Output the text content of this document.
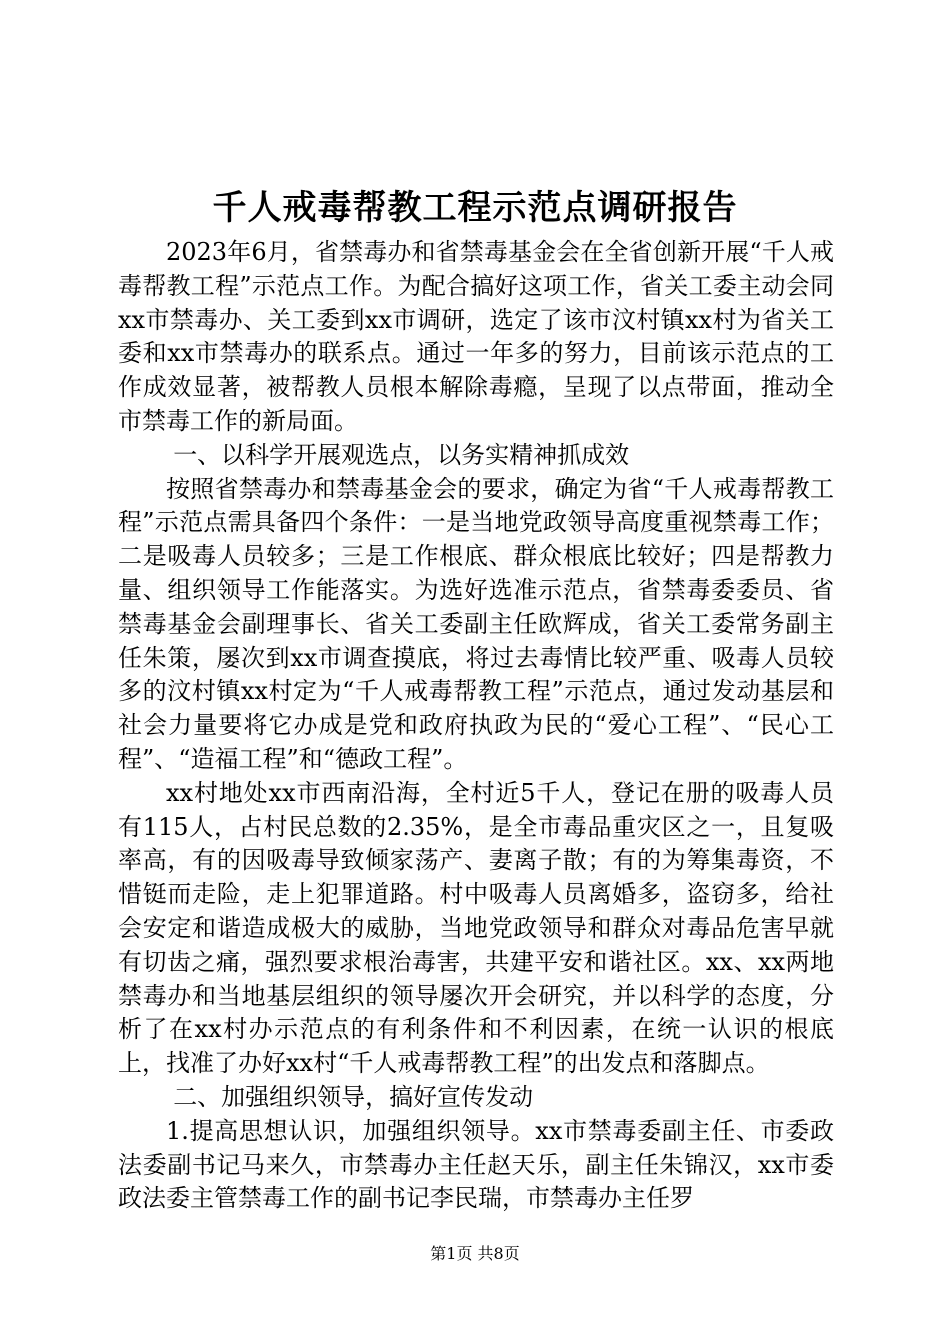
千人戒毒帮教工程示范点调研报告

2023年6月，省禁毒办和省禁毒基金会在全省创新开展“千人戒毒帮教工程”示范点工作。为配合搞好这项工作，省关工委主动会同xx市禁毒办、关工委到xx市调研，选定了该市汶村镇xx村为省关工委和xx市禁毒办的联系点。通过一年多的努力，目前该示范点的工作成效显著，被帮教人员根本解除毒瘾，呈现了以点带面，推动全市禁毒工作的新局面。

一、以科学开展观选点，以务实精神抓成效

按照省禁毒办和禁毒基金会的要求，确定为省“千人戒毒帮教工程”示范点需具备四个条件：一是当地党政领导高度重视禁毒工作；二是吸毒人员较多；三是工作根底、群众根底比较好；四是帮教力量、组织领导工作能落实。为选好选准示范点，省禁毒委委员、省禁毒基金会副理事长、省关工委副主任欧辉成，省关工委常务副主任朱策，屡次到xx市调查摸底，将过去毒情比较严重、吸毒人员较多的汶村镇xx村定为“千人戒毒帮教工程”示范点，通过发动基层和社会力量要将它办成是党和政府执政为民的“爱心工程”、“民心工程”、“造福工程”和“德政工程”。

xx村地处xx市西南沿海，全村近5千人，登记在册的吸毒人员有115人，占村民总数的2.35%，是全市毒品重灾区之一，且复吸率高，有的因吸毒导致倾家荡产、妻离子散；有的为筹集毒资，不惜铤而走险，走上犯罪道路。村中吸毒人员离婚多，盗窃多，给社会安定和谐造成极大的威胁，当地党政领导和群众对毒品危害早就有切齿之痛，强烈要求根治毒害，共建平安和谐社区。xx、xx两地禁毒办和当地基层组织的领导屡次开会研究，并以科学的态度，分析了在xx村办示范点的有利条件和不利因素，在统一认识的根底上，找准了办好xx村“千人戒毒帮教工程”的出发点和落脚点。

二、加强组织领导，搞好宣传发动

1.提高思想认识，加强组织领导。xx市禁毒委副主任、市委政法委副书记马来久，市禁毒办主任赵天乐，副主任朱锦汉，xx市委政法委主管禁毒工作的副书记李民瑞，市禁毒办主任罗

第1页 共8页
